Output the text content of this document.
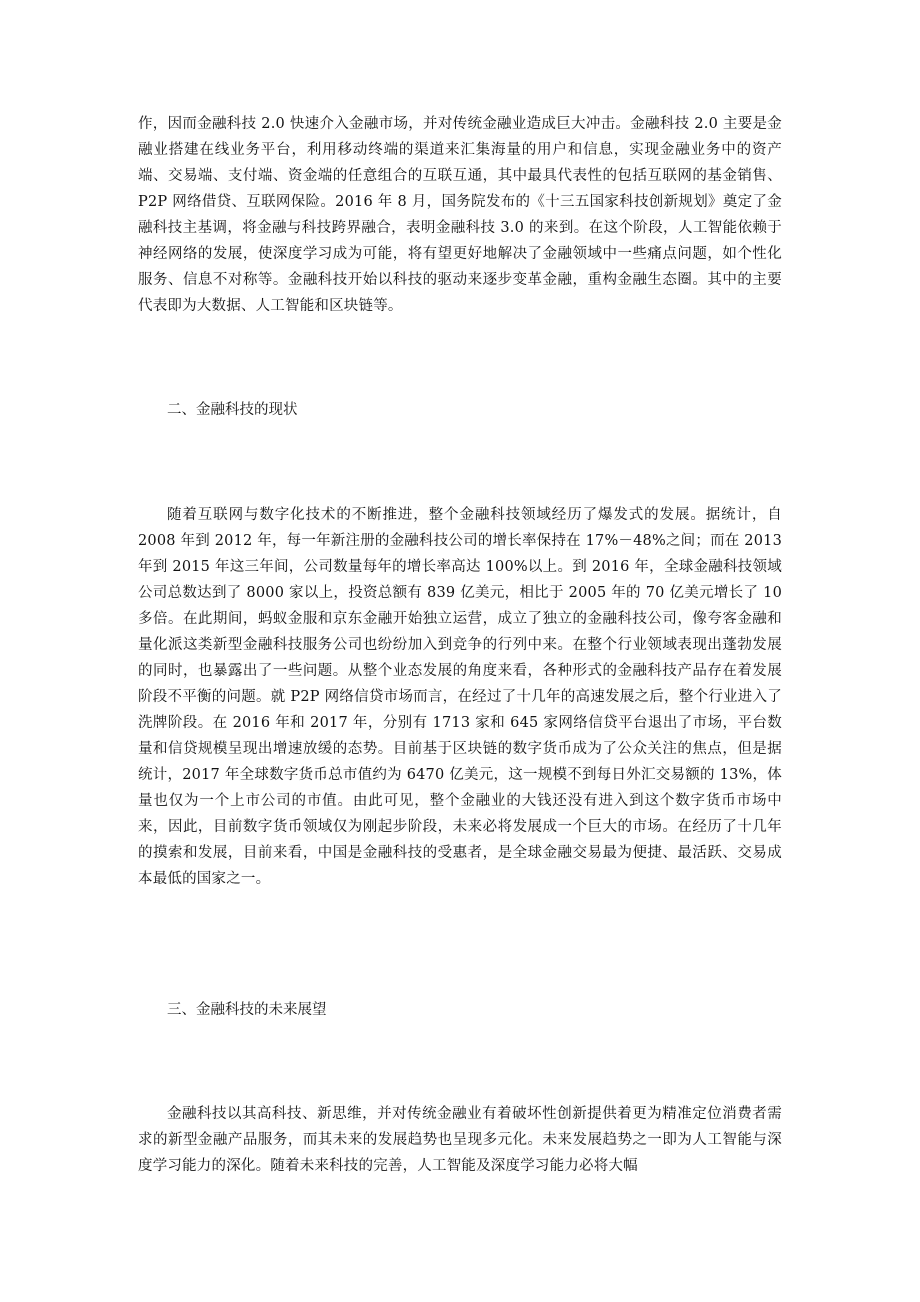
作，因而金融科技 2.0 快速介入金融市场，并对传统金融业造成巨大冲击。金融科技 2.0 主要是金融业搭建在线业务平台，利用移动终端的渠道来汇集海量的用户和信息，实现金融业务中的资产端、交易端、支付端、资金端的任意组合的互联互通，其中最具代表性的包括互联网的基金销售、P2P 网络借贷、互联网保险。2016 年 8 月，国务院发布的《十三五国家科技创新规划》奠定了金融科技主基调，将金融与科技跨界融合，表明金融科技 3.0 的来到。在这个阶段，人工智能依赖于神经网络的发展，使深度学习成为可能，将有望更好地解决了金融领域中一些痛点问题，如个性化服务、信息不对称等。金融科技开始以科技的驱动来逐步变革金融，重构金融生态圈。其中的主要代表即为大数据、人工智能和区块链等。

二、金融科技的现状

随着互联网与数字化技术的不断推进，整个金融科技领域经历了爆发式的发展。据统计，自 2008 年到 2012 年，每一年新注册的金融科技公司的增长率保持在 17%－48%之间；而在 2013 年到 2015 年这三年间，公司数量每年的增长率高达 100%以上。到 2016 年，全球金融科技领域公司总数达到了 8000 家以上，投资总额有 839 亿美元，相比于 2005 年的 70 亿美元增长了 10 多倍。在此期间，蚂蚁金服和京东金融开始独立运营，成立了独立的金融科技公司，像夸客金融和量化派这类新型金融科技服务公司也纷纷加入到竞争的行列中来。在整个行业领域表现出蓬勃发展的同时，也暴露出了一些问题。从整个业态发展的角度来看，各种形式的金融科技产品存在着发展阶段不平衡的问题。就 P2P 网络信贷市场而言，在经过了十几年的高速发展之后，整个行业进入了洗牌阶段。在 2016 年和 2017 年，分别有 1713 家和 645 家网络信贷平台退出了市场，平台数量和信贷规模呈现出增速放缓的态势。目前基于区块链的数字货币成为了公众关注的焦点，但是据统计，2017 年全球数字货币总市值约为 6470 亿美元，这一规模不到每日外汇交易额的 13%，体量也仅为一个上市公司的市值。由此可见，整个金融业的大钱还没有进入到这个数字货币市场中来，因此，目前数字货币领域仅为刚起步阶段，未来必将发展成一个巨大的市场。在经历了十几年的摸索和发展，目前来看，中国是金融科技的受惠者，是全球金融交易最为便捷、最活跃、交易成本最低的国家之一。

三、金融科技的未来展望

金融科技以其高科技、新思维，并对传统金融业有着破坏性创新提供着更为精准定位消费者需求的新型金融产品服务，而其未来的发展趋势也呈现多元化。未来发展趋势之一即为人工智能与深度学习能力的深化。随着未来科技的完善，人工智能及深度学习能力必将大幅
